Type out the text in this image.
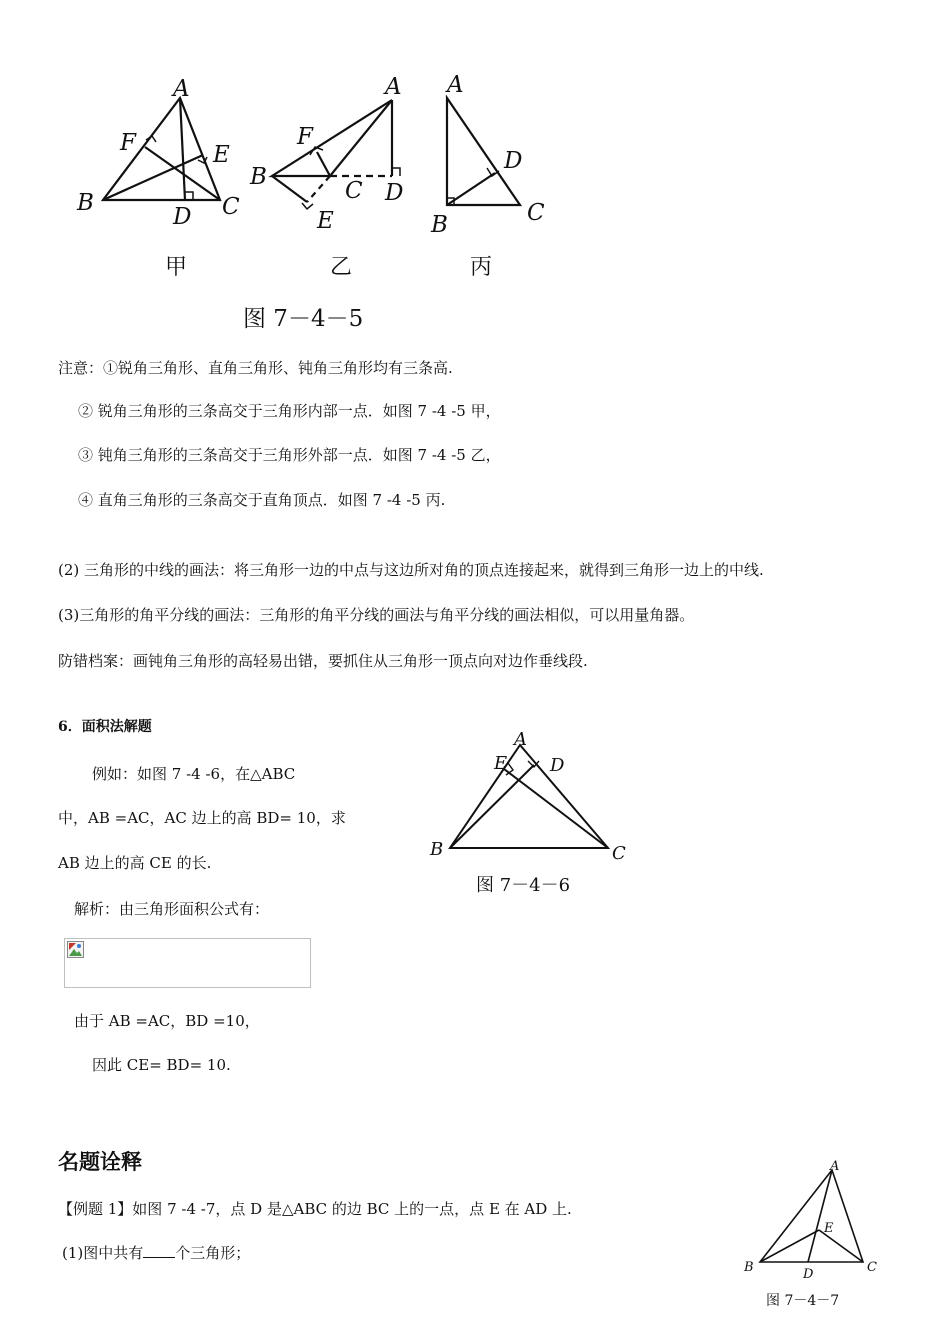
A
F	E
B
D C
A
F
B
C D
E
A
D
B	C
甲	乙	丙
图 7－4－5
注意：①锐角三角形、直角三角形、钝角三角形均有三条高.
② 锐角三角形的三条高交于三角形内部一点．如图 7 -4 -5 甲，
③ 钝角三角形的三条高交于三角形外部一点．如图 7 -4 -5 乙，
④ 直角三角形的三条高交于直角顶点．如图 7 -4 -5 丙.
(2) 三角形的中线的画法：将三角形一边的中点与这边所对角的顶点连接起来，就得到三角形一边上的中线.
(3)三角形的角平分线的画法：三角形的角平分线的画法与角平分线的画法相似，可以用量角器。
防错档案：画钝角三角形的高轻易出错，要抓住从三角形一顶点向对边作垂线段.
6．面积法解题
例如：如图 7 -4 -6，在△ABC
中，AB =AC，AC 边上的高 BD= 10，求
AB 边上的高 CE 的长.
解析：由三角形面积公式有：
由于 AB =AC，BD =10，
因此 CE= BD= 10.
A
E D
B	C
图 7－4－6
名题诠释
【例题 1】如图 7 -4 -7，点 D 是△ABC 的边 BC 上的一点，点 E 在 AD 上.
(1)图中共有 个三角形；
A
E
B	D	C
图 7－4－7
